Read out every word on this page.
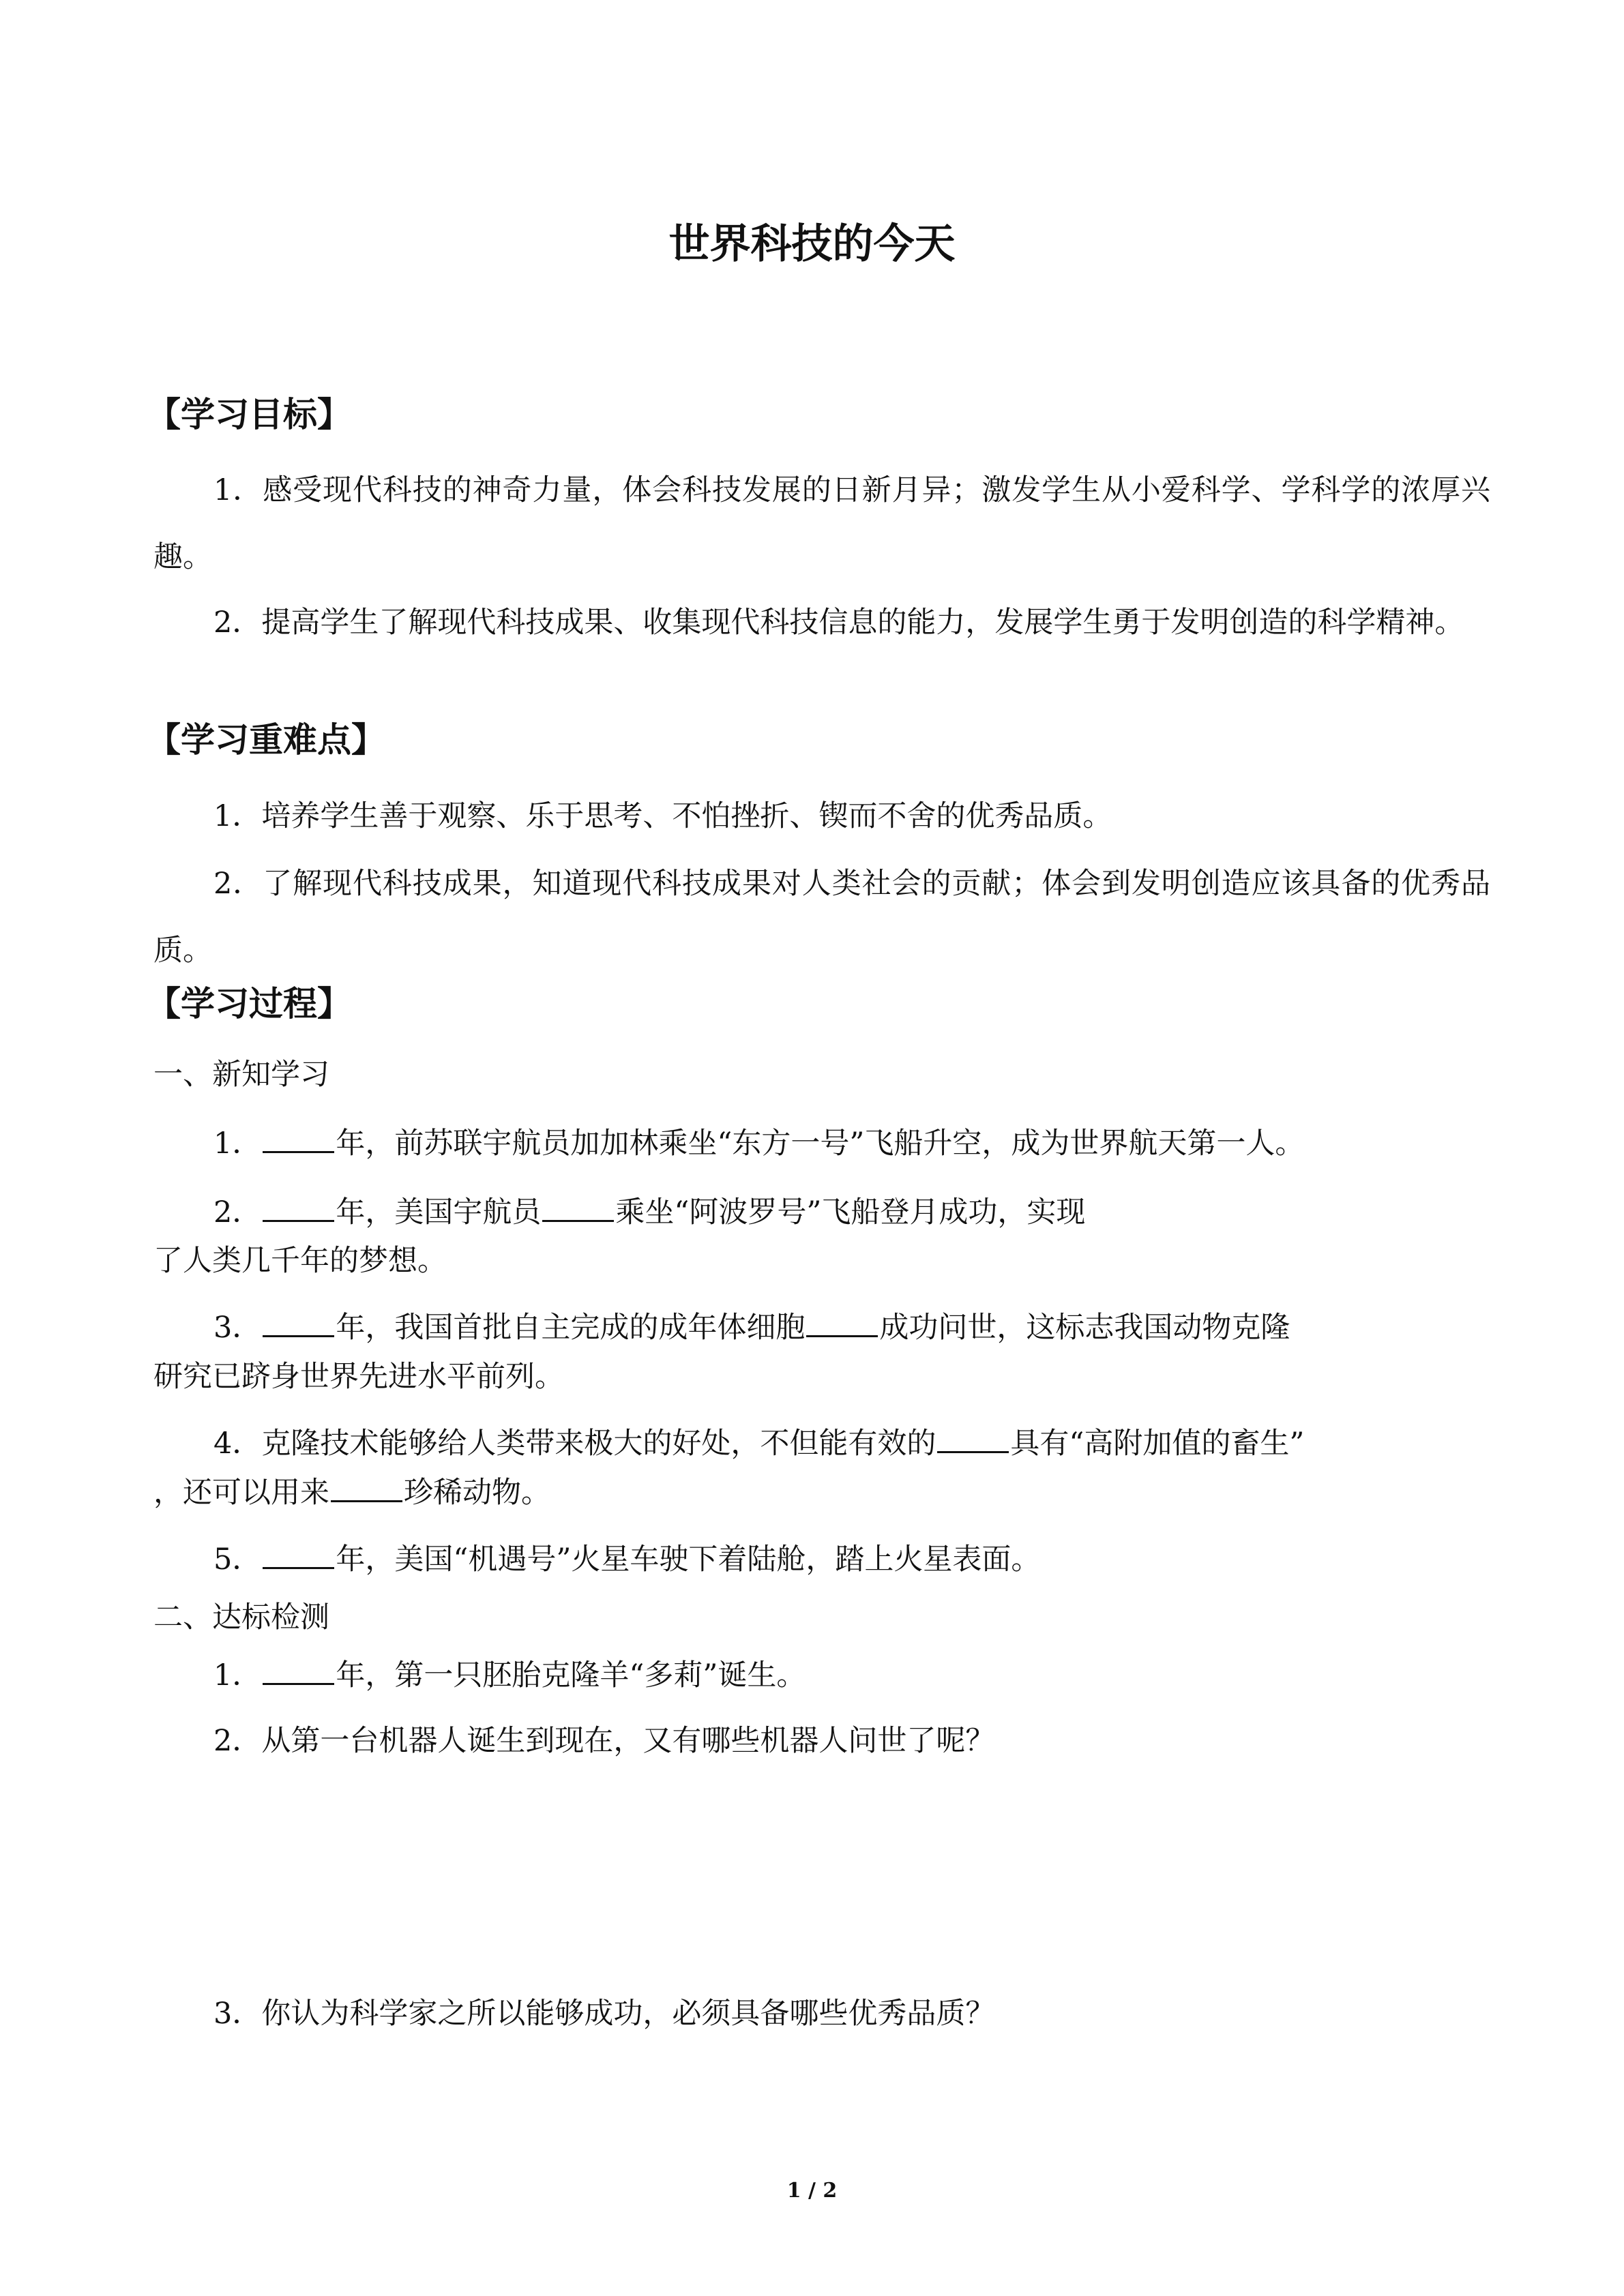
世界科技的今天
【学习目标】
1．感受现代科技的神奇力量，体会科技发展的日新月异；激发学生从小爱科学、学科学的浓厚兴趣。
2．提高学生了解现代科技成果、收集现代科技信息的能力，发展学生勇于发明创造的科学精神。
【学习重难点】
1．培养学生善于观察、乐于思考、不怕挫折、锲而不舍的优秀品质。
2．了解现代科技成果，知道现代科技成果对人类社会的贡献；体会到发明创造应该具备的优秀品质。
【学习过程】
一、新知学习
1．	年，前苏联宇航员加加林乘坐“东方一号”飞船升空，成为世界航天第一人。
2．	年，美国宇航员	乘坐“阿波罗号”飞船登月成功，实现
了人类几千年的梦想。
3．	年，我国首批自主完成的成年体细胞	成功问世，这标志我国动物克隆
研究已跻身世界先进水平前列。
4．克隆技术能够给人类带来极大的好处，不但能有效的	具有“高附加值的畜生”
，还可以用来	珍稀动物。
5．	年，美国“机遇号”火星车驶下着陆舱，踏上火星表面。
二、达标检测
1．	年，第一只胚胎克隆羊“多莉”诞生。
2．从第一台机器人诞生到现在，又有哪些机器人问世了呢？
3．你认为科学家之所以能够成功，必须具备哪些优秀品质？
1 / 2
